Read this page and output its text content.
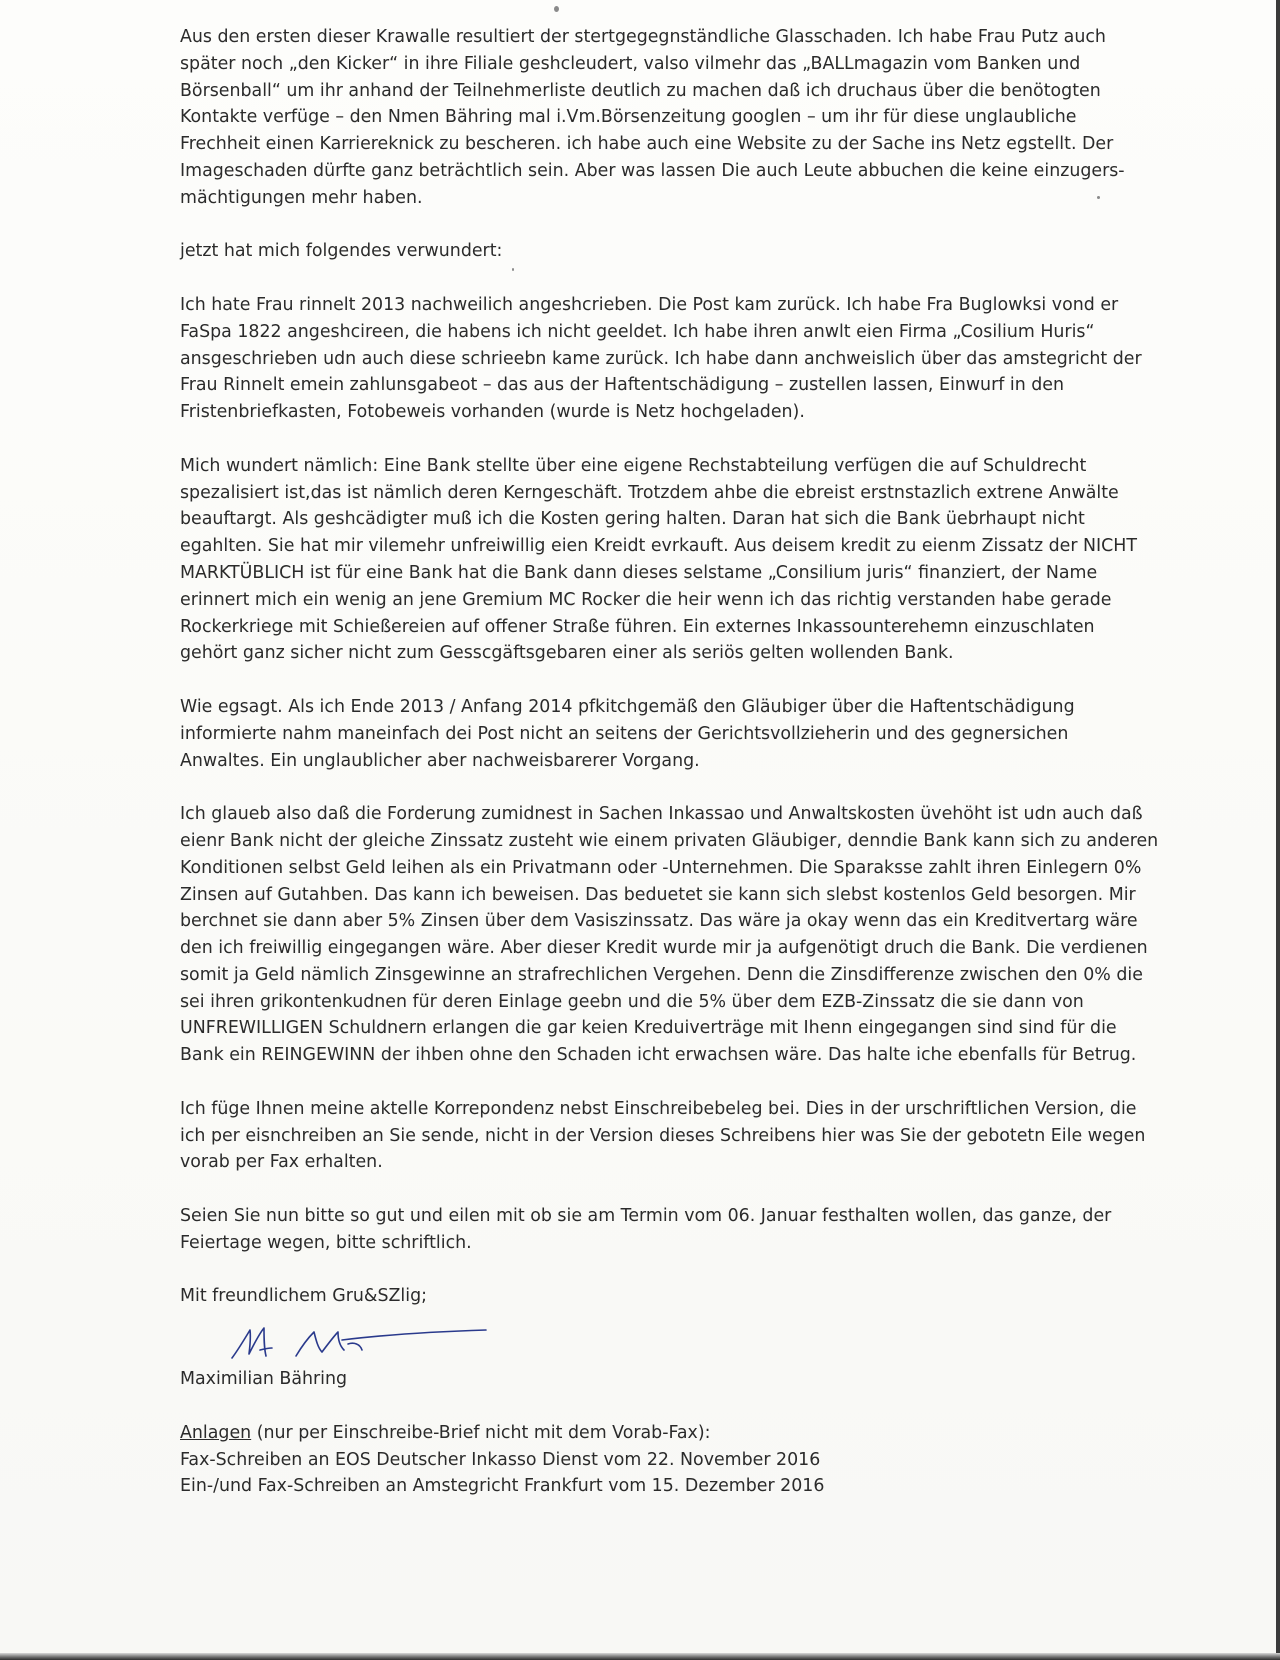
Aus den ersten dieser Krawalle resultiert der stertgegegnständliche Glasschaden. Ich habe Frau Putz auch
später noch „den Kicker“ in ihre Filiale geshcleudert, valso vilmehr das „BALLmagazin vom Banken und
Börsenball“ um ihr anhand der Teilnehmerliste deutlich zu machen daß ich druchaus über die benötogten
Kontakte verfüge – den Nmen Bähring mal i.Vm.Börsenzeitung googlen – um ihr für diese unglaubliche
Frechheit einen Karriereknick zu bescheren. ich habe auch eine Website zu der Sache ins Netz egstellt. Der
Imageschaden dürfte ganz beträchtlich sein. Aber was lassen Die auch Leute abbuchen die keine einzugers-
mächtigungen mehr haben.

jetzt hat mich folgendes verwundert:

Ich hate Frau rinnelt 2013 nachweilich angeshcrieben. Die Post kam zurück. Ich habe Fra Buglowksi vond er
FaSpa 1822 angeshcireen, die habens ich nicht geeldet. Ich habe ihren anwlt eien Firma „Cosilium Huris“
ansgeschrieben udn auch diese schrieebn kame zurück. Ich habe dann anchweislich über das amstegricht der
Frau Rinnelt emein zahlunsgabeot – das aus der Haftentschädigung – zustellen lassen, Einwurf in den
Fristenbriefkasten, Fotobeweis vorhanden (wurde is Netz hochgeladen).

Mich wundert nämlich: Eine Bank stellte über eine eigene Rechstabteilung verfügen die auf Schuldrecht
spezalisiert ist,das ist nämlich deren Kerngeschäft. Trotzdem ahbe die ebreist erstnstazlich extrene Anwälte
beauftargt. Als geshcädigter muß ich die Kosten gering halten. Daran hat sich die Bank üebrhaupt nicht
egahlten. Sie hat mir vilemehr unfreiwillig eien Kreidt evrkauft. Aus deisem kredit zu eienm Zissatz der NICHT
MARKTÜBLICH ist für eine Bank hat die Bank dann dieses selstame „Consilium juris“ finanziert, der Name
erinnert mich ein wenig an jene Gremium MC Rocker die heir wenn ich das richtig verstanden habe gerade
Rockerkriege mit Schießereien auf offener Straße führen. Ein externes Inkassounterehemn einzuschlaten
gehört ganz sicher nicht zum Gesscgäftsgebaren einer als seriös gelten wollenden Bank.

Wie egsagt. Als ich Ende 2013 / Anfang 2014 pfkitchgemäß den Gläubiger über die Haftentschädigung
informierte nahm maneinfach dei Post nicht an seitens der Gerichtsvollzieherin und des gegnersichen
Anwaltes. Ein unglaublicher aber nachweisbarerer Vorgang.

Ich glaueb also daß die Forderung zumidnest in Sachen Inkassao und Anwaltskosten üvehöht ist udn auch daß
eienr Bank nicht der gleiche Zinssatz zusteht wie einem privaten Gläubiger, denndie Bank kann sich zu anderen
Konditionen selbst Geld leihen als ein Privatmann oder -Unternehmen. Die Sparaksse zahlt ihren Einlegern 0%
Zinsen auf Gutahben. Das kann ich beweisen. Das beduetet sie kann sich slebst kostenlos Geld besorgen. Mir
berchnet sie dann aber 5% Zinsen über dem Vasiszinssatz. Das wäre ja okay wenn das ein Kreditvertarg wäre
den ich freiwillig eingegangen wäre. Aber dieser Kredit wurde mir ja aufgenötigt druch die Bank. Die verdienen
somit ja Geld nämlich Zinsgewinne an strafrechlichen Vergehen. Denn die Zinsdifferenze zwischen den 0% die
sei ihren grikontenkudnen für deren Einlage geebn und die 5% über dem EZB-Zinssatz die sie dann von
UNFREWILLIGEN Schuldnern erlangen die gar keien Kreduiverträge mit Ihenn eingegangen sind sind für die
Bank ein REINGEWINN der ihben ohne den Schaden icht erwachsen wäre. Das halte iche ebenfalls für Betrug.

Ich füge Ihnen meine aktelle Korrepondenz nebst Einschreibebeleg bei. Dies in der urschriftlichen Version, die
ich per eisnchreiben an Sie sende, nicht in der Version dieses Schreibens hier was Sie der gebotetn Eile wegen
vorab per Fax erhalten.

Seien Sie nun bitte so gut und eilen mit ob sie am Termin vom 06. Januar festhalten wollen, das ganze, der
Feiertage wegen, bitte schriftlich.

Mit freundlichem Gru&SZlig;

Maximilian Bähring

Anlagen (nur per Einschreibe-Brief nicht mit dem Vorab-Fax):
Fax-Schreiben an EOS Deutscher Inkasso Dienst vom 22. November 2016
Ein-/und Fax-Schreiben an Amstegricht Frankfurt vom 15. Dezember 2016
